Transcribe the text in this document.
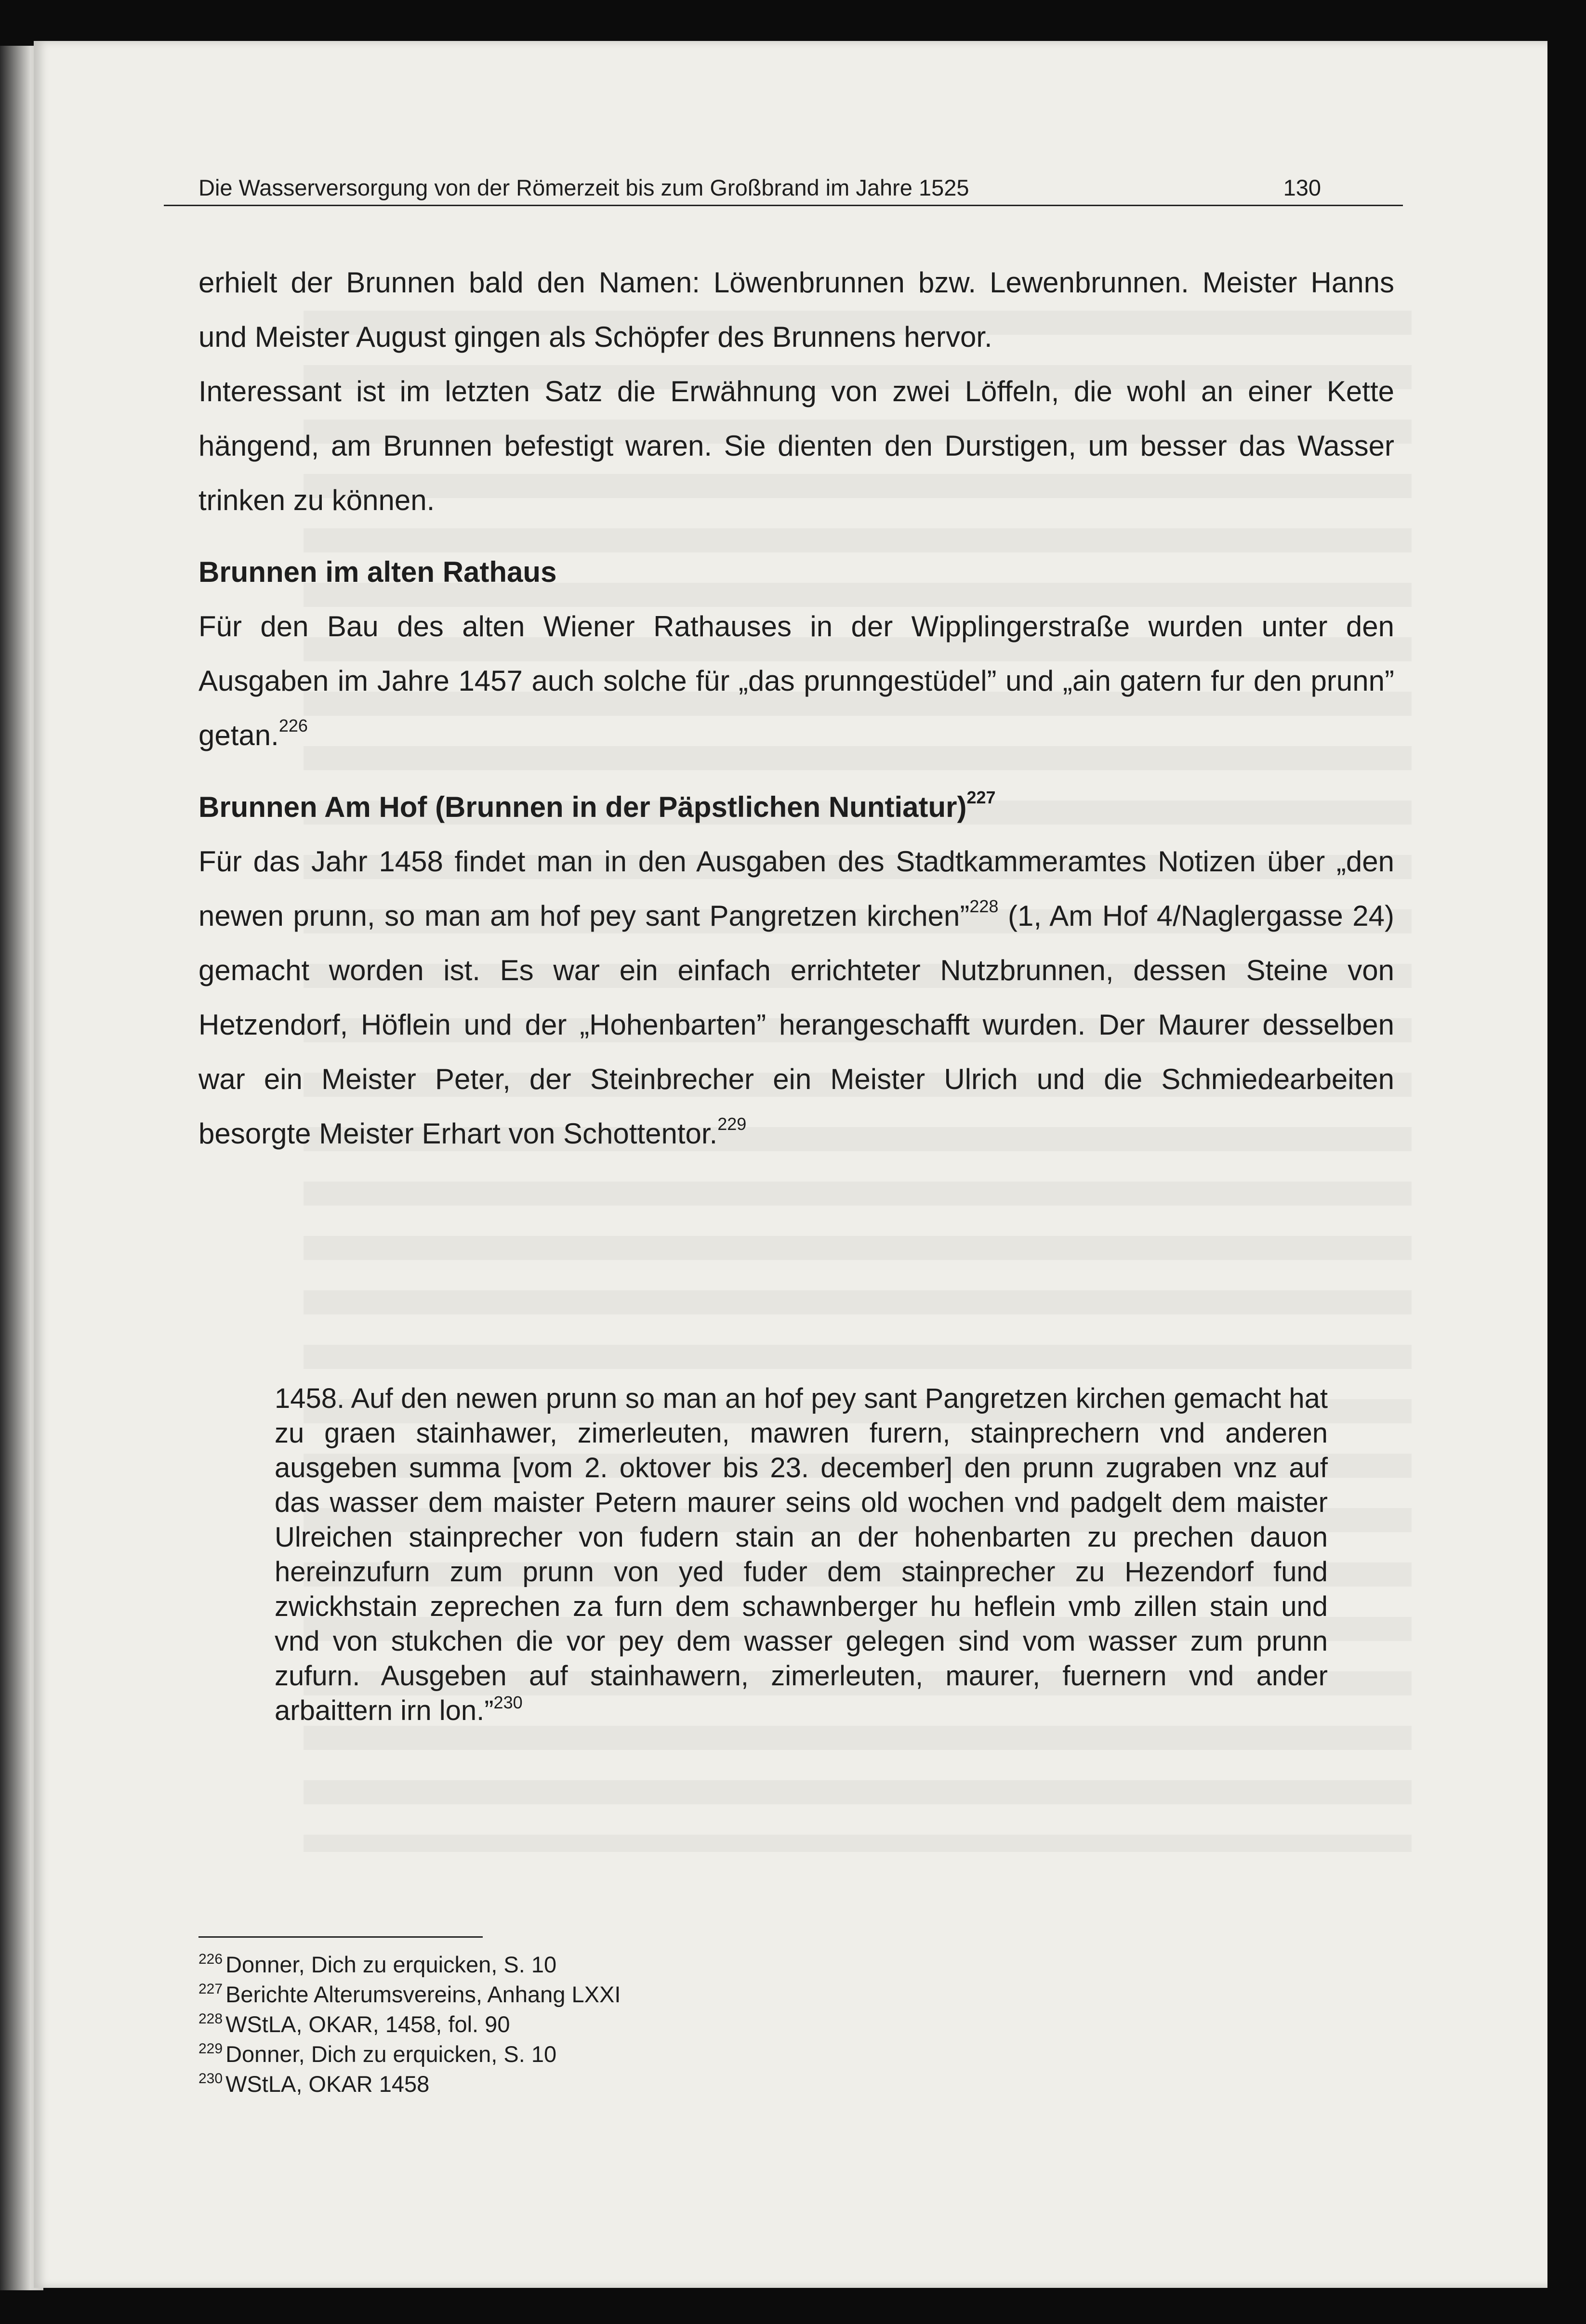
Die Wasserversorgung von der Römerzeit bis zum Großbrand im Jahre 1525	130

erhielt der Brunnen bald den Namen: Löwenbrunnen bzw. Lewenbrunnen. Meister Hanns und Meister August gingen als Schöpfer des Brunnens hervor.

Interessant ist im letzten Satz die Erwähnung von zwei Löffeln, die wohl an einer Kette hängend, am Brunnen befestigt waren. Sie dienten den Durstigen, um besser das Wasser trinken zu können.

Brunnen im alten Rathaus

Für den Bau des alten Wiener Rathauses in der Wipplingerstraße wurden unter den Ausgaben im Jahre 1457 auch solche für „das prunngestüdel” und „ain gatern fur den prunn” getan.$^{226}$

Brunnen Am Hof (Brunnen in der Päpstlichen Nuntiatur)$^{227}$

Für das Jahr 1458 findet man in den Ausgaben des Stadtkammeramtes Notizen über „den newen prunn, so man am hof pey sant Pangretzen kirchen”$^{228}$ (1, Am Hof 4/Naglergasse 24) gemacht worden ist. Es war ein einfach errichteter Nutzbrunnen, dessen Steine von Hetzendorf, Höflein und der „Hohenbarten” herangeschafft wurden. Der Maurer desselben war ein Meister Peter, der Steinbrecher ein Meister Ulrich und die Schmiedearbeiten besorgte Meister Erhart von Schottentor.$^{229}$

1458. Auf den newen prunn so man an hof pey sant Pangretzen kirchen gemacht hat zu graen stainhawer, zimerleuten, mawren furern, stainprechern vnd anderen ausgeben summa [vom 2. oktover bis 23. december] den prunn zugraben vnz auf das wasser dem maister Petern maurer seins old wochen vnd padgelt dem maister Ulreichen stainprecher von fudern stain an der hohenbarten zu prechen dauon hereinzufurn zum prunn von yed fuder dem stainprecher zu Hezendorf fund zwickhstain zeprechen za furn dem schawnberger hu heflein vmb zillen stain und vnd von stukchen die vor pey dem wasser gelegen sind vom wasser zum prunn zufurn. Ausgeben auf stainhawern, zimerleuten, maurer, fuernern vnd ander arbaittern irn lon.”$^{230}$

$^{226}$ Donner, Dich zu erquicken, S. 10
$^{227}$ Berichte Alterumsvereins, Anhang LXXI
$^{228}$ WStLA, OKAR, 1458, fol. 90
$^{229}$ Donner, Dich zu erquicken, S. 10
$^{230}$ WStLA, OKAR 1458
